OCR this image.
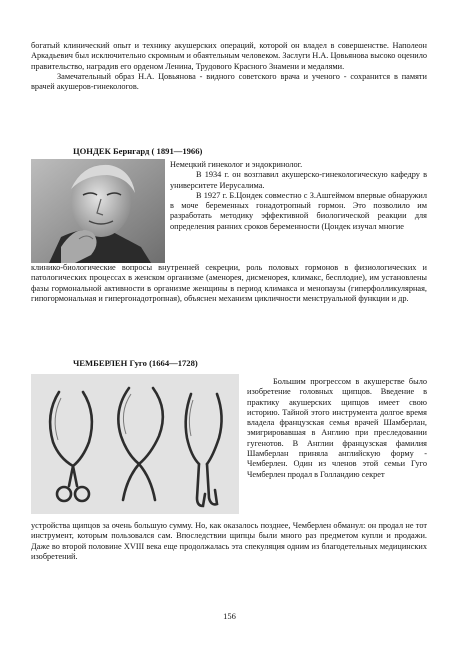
богатый клинический опыт и технику акушерских операций, которой он владел в совершенстве. Наполеон Аркадьевич был исключительно скромным и обаятельным человеком. Заслуги Н.А. Цовьянова высоко оценило правительство, наградив его орденом Ленина, Трудового Красного Знамени и медалями.

Замечательный образ Н.А. Цовьянова - видного советского врача и ученого - сохранится в памяти врачей акушеров-гинекологов.

ЦОНДЕК Бернгард ( 1891—1966)

Немецкий гинеколог и эндокринолог.

В 1934 г. он возглавил акушерско-гинекологическую кафедру в университете Иерусалима.

В 1927 г. Б.Цондек совместно с З.Ашгеймом впервые обнаружил в моче беременных гонадотропный гормон. Это позволило им разработать методику эффективной биологической реакции для определения ранних сроков беременности (Цондек изучал многие

клинико-биологические вопросы внутренней секреции, роль половых гормонов в физиологических и патологических процессах в женском организме (аменорея, дисменорея, климакс, бесплодие), им установлены фазы гормональной активности в организме женщины в период климакса и менопаузы (гиперфолликулярная, гипогормональная и гипергонадотропная), объяснен механизм цикличности менструальной функции и др.

ЧЕМБЕРЛЕН Гуго (1664—1728)

Большим прогрессом в акушерстве было изобретение головных щипцов. Введение в практику акушерских щипцов имеет свою историю. Тайной этого инструмента долгое время владела французская семья врачей Шамберлан, эмигрировавшая в Англию при преследовании гугенотов. В Англии французская фамилия Шамберлан приняла английскую форму - Чемберлен. Один из членов этой семьи Гуго Чемберлен продал в Голландию секрет

устройства щипцов за очень большую сумму. Но, как оказалось позднее, Чемберлен обманул: он продал не тот инструмент, которым пользовался сам. Впоследствии щипцы были много раз предметом купли и продажи. Даже во второй половине XVIII века еще продолжалась эта спекуляция одним из благодетельных медицинских изобретений.

156
